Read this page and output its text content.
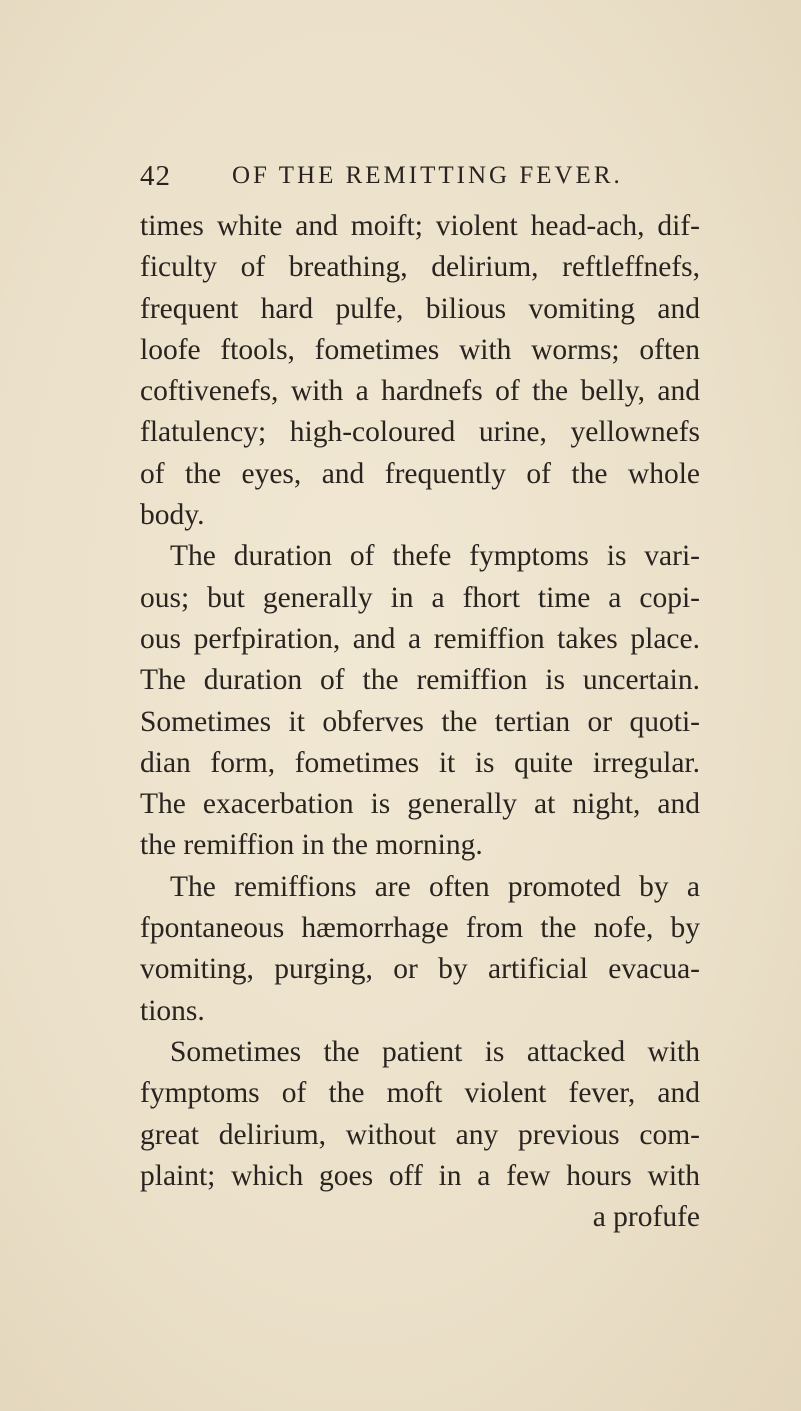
42 OF THE REMITTING FEVER.
times white and moift; violent head-ach, dif-
ficulty of breathing, delirium, reftleffnefs,
frequent hard pulfe, bilious vomiting and
loofe ftools, fometimes with worms; often
coftivenefs, with a hardnefs of the belly, and
flatulency; high-coloured urine, yellownefs
of the eyes, and frequently of the whole
body.
The duration of thefe fymptoms is vari-
ous; but generally in a fhort time a copi-
ous perfpiration, and a remiffion takes place.
The duration of the remiffion is uncertain.
Sometimes it obferves the tertian or quoti-
dian form, fometimes it is quite irregular.
The exacerbation is generally at night, and
the remiffion in the morning.
The remiffions are often promoted by a
fpontaneous hæmorrhage from the nofe, by
vomiting, purging, or by artificial evacua-
tions.
Sometimes the patient is attacked with
fymptoms of the moft violent fever, and
great delirium, without any previous com-
plaint; which goes off in a few hours with
a profufe
